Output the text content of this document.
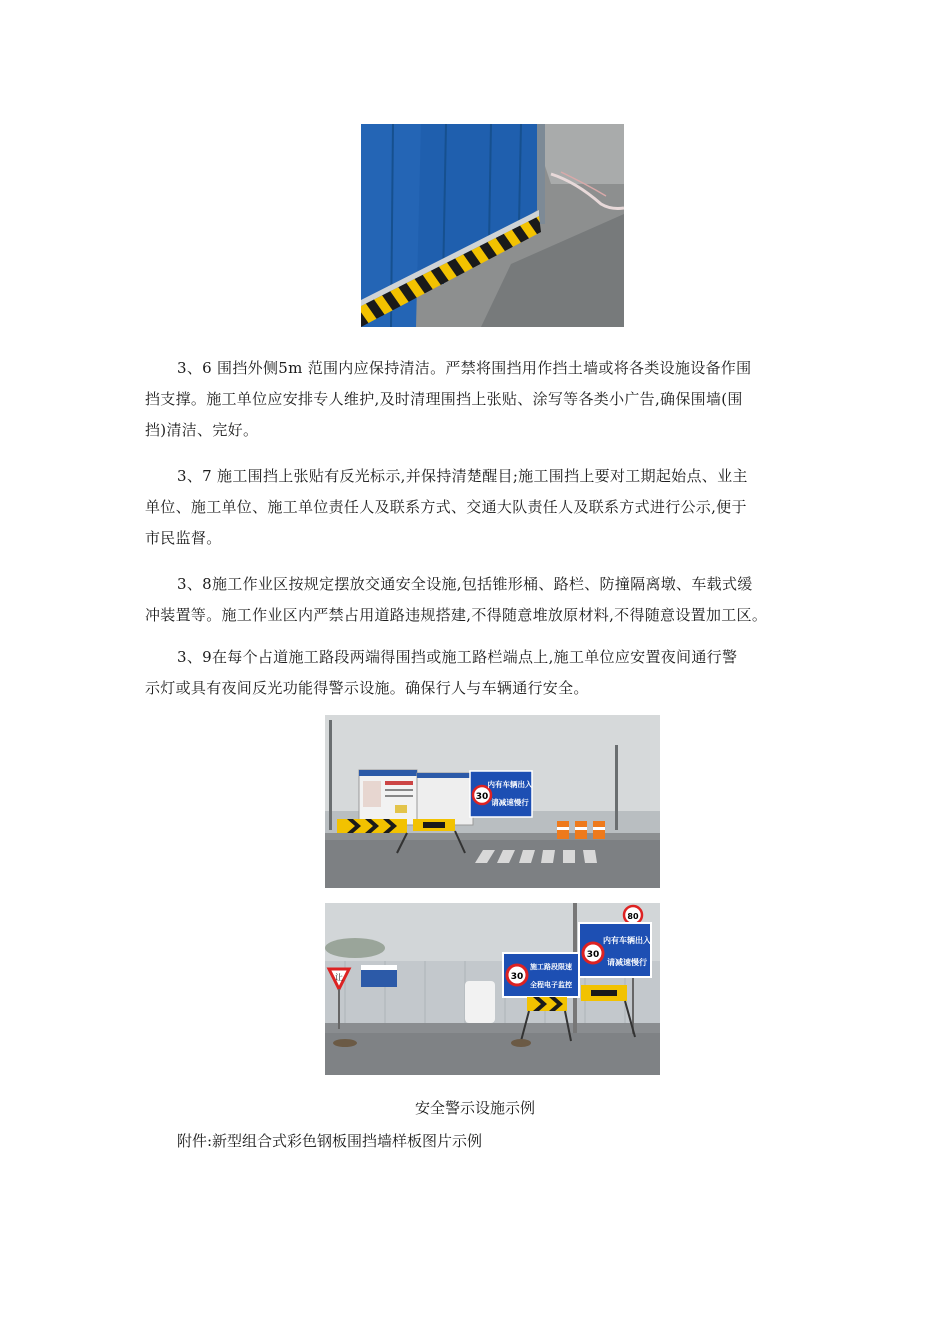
3、6 围挡外侧5m 范围内应保持清洁。严禁将围挡用作挡土墙或将各类设施设备作围
挡支撑。施工单位应安排专人维护,及时清理围挡上张贴、涂写等各类小广告,确保围墙(围
挡)清洁、完好。

3、7 施工围挡上张贴有反光标示,并保持清楚醒目;施工围挡上要对工期起始点、业主
单位、施工单位、施工单位责任人及联系方式、交通大队责任人及联系方式进行公示,便于
市民监督。

3、8施工作业区按规定摆放交通安全设施,包括锥形桶、路栏、防撞隔离墩、车载式缓
冲装置等。施工作业区内严禁占用道路违规搭建,不得随意堆放原材料,不得随意设置加工区。

3、9在每个占道施工路段两端得围挡或施工路栏端点上,施工单位应安置夜间通行警
示灯或具有夜间反光功能得警示设施。确保行人与车辆通行安全。

30
内有车辆出入
请减速慢行
让
80
30
内有车辆出入
请减速慢行
30
施工路段限速
全程电子监控
安全警示设施示例
附件:新型组合式彩色钢板围挡墙样板图片示例
